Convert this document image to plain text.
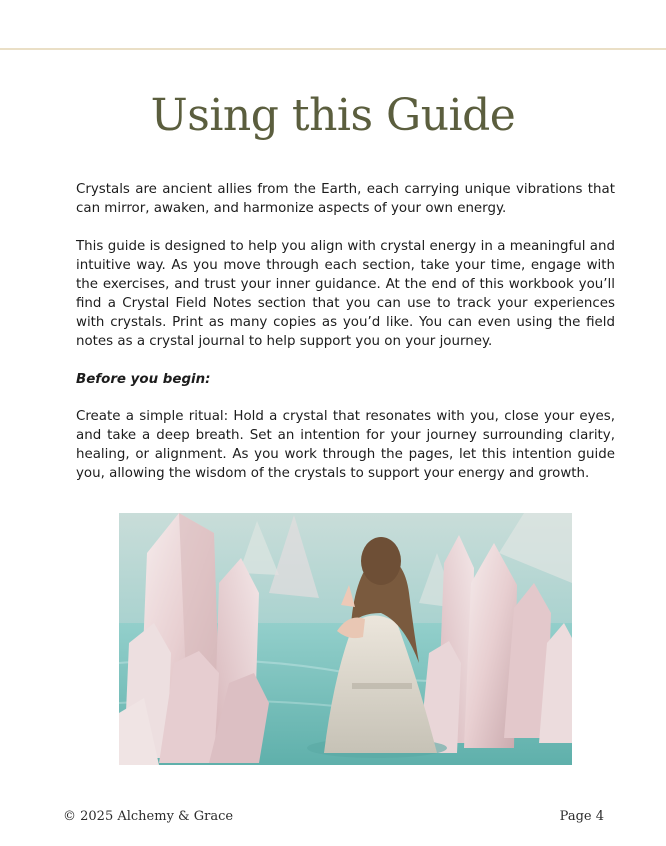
Using this Guide

Crystals are ancient allies from the Earth, each carrying unique vibrations that can mirror, awaken, and harmonize aspects of your own energy.

This guide is designed to help you align with crystal energy in a meaningful and intuitive way. As you move through each section, take your time, engage with the exercises, and trust your inner guidance. At the end of this workbook you’ll find a Crystal Field Notes section that you can use to track your experiences with crystals. Print as many copies as you’d like. You can even using the field notes as a crystal journal to help support you on your journey.

Before you begin:

Create a simple ritual: Hold a crystal that resonates with you, close your eyes, and take a deep breath. Set an intention for your journey surrounding clarity, healing, or alignment. As you work through the pages, let this intention guide you, allowing the wisdom of the crystals to support your energy and growth.

© 2025 Alchemy & Grace	Page 4
